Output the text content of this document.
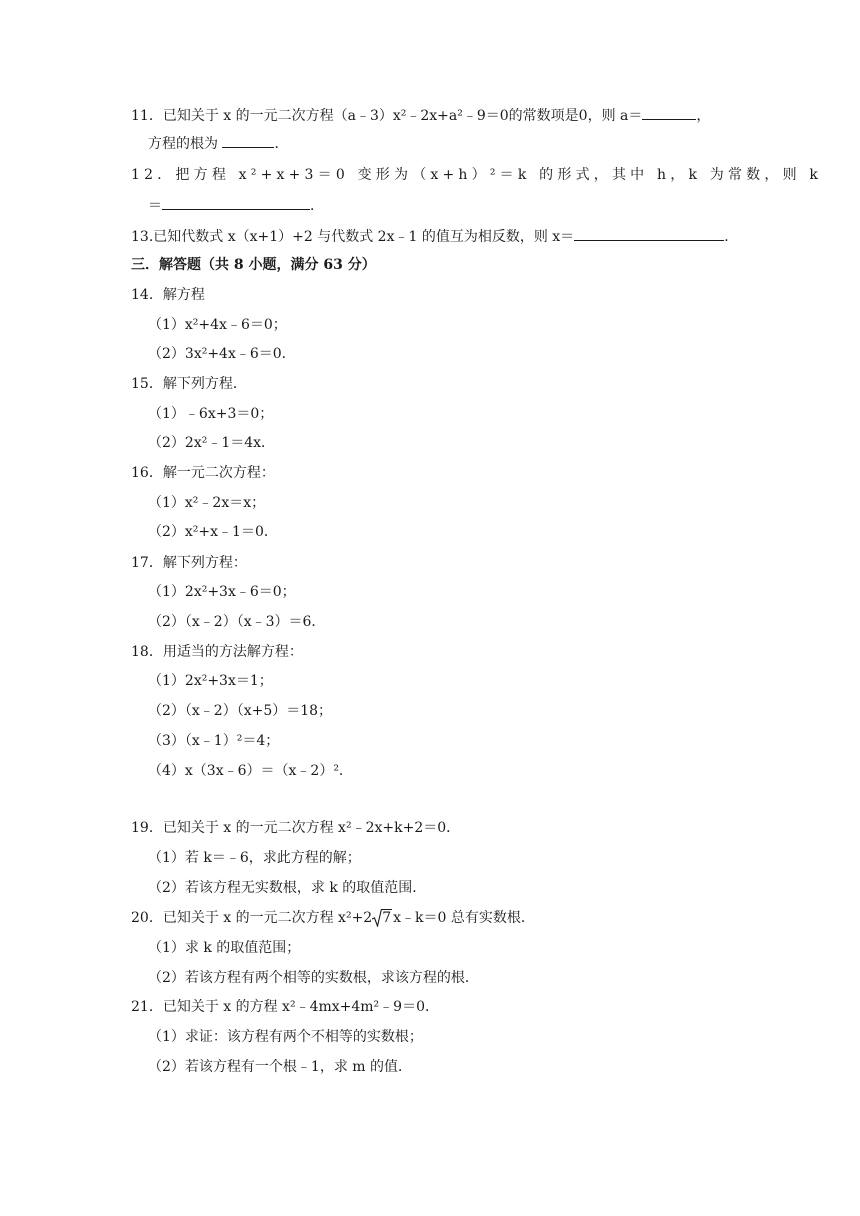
11．已知关于 x 的一元二次方程（a﹣3）x²﹣2x+a²﹣9＝0的常数项是0，则 a＝	，
方程的根为	．
12．把方程 x²+x+3＝0 变形为（x+h）²＝k 的形式，其中 h，k 为常数，则 k
＝	．
13.已知代数式 x（x+1）+2 与代数式 2x﹣1 的值互为相反数，则 x＝	．
三．解答题（共 8 小题，满分 63 分）
14．解方程
（1）x²+4x﹣6＝0；
（2）3x²+4x﹣6＝0．
15．解下列方程．
（1）﹣6x+3＝0；
（2）2x²﹣1＝4x．
16．解一元二次方程：
（1）x²﹣2x＝x；
（2）x²+x﹣1＝0．
17．解下列方程：
（1）2x²+3x﹣6＝0；
（2）（x﹣2）（x﹣3）＝6．
18．用适当的方法解方程：
（1）2x²+3x＝1；
（2）（x﹣2）（x+5）＝18；
（3）（x﹣1）²＝4；
（4）x（3x﹣6）＝（x﹣2）²．
19．已知关于 x 的一元二次方程 x²﹣2x+k+2＝0．
（1）若 k＝﹣6，求此方程的解；
（2）若该方程无实数根，求 k 的取值范围．
20．已知关于 x 的一元二次方程 x²+2 7 x﹣k＝0 总有实数根．
（1）求 k 的取值范围；
（2）若该方程有两个相等的实数根，求该方程的根．
21．已知关于 x 的方程 x²﹣4mx+4m²﹣9＝0．
（1）求证：该方程有两个不相等的实数根；
（2）若该方程有一个根﹣1，求 m 的值．
